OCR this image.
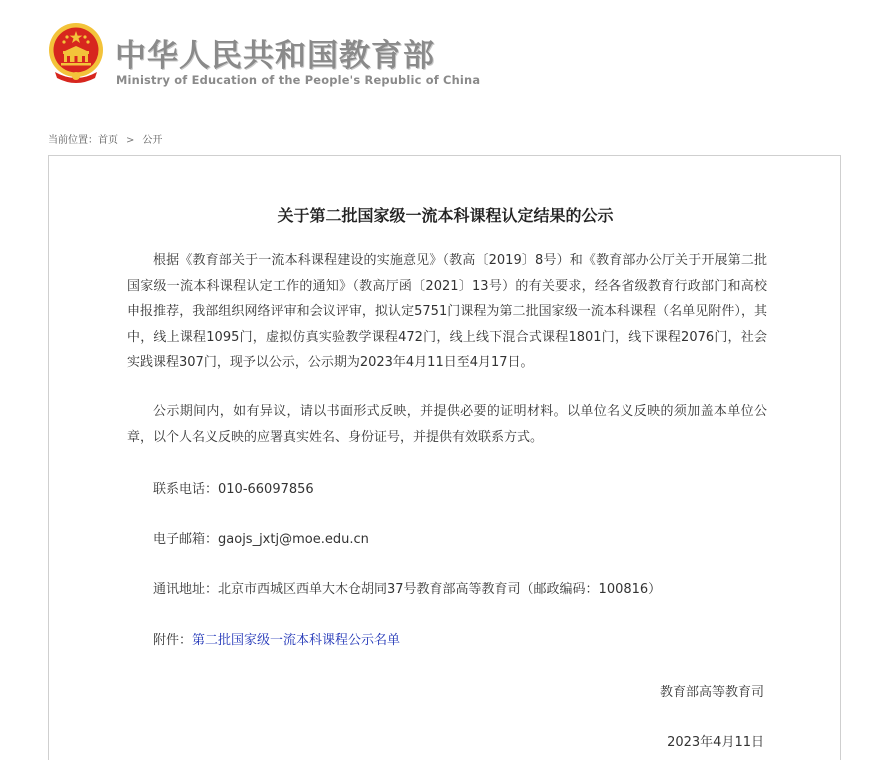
中华人民共和国教育部
Ministry of Education of the People's Republic of China
当前位置：首页 > 公开
关于第二批国家级一流本科课程认定结果的公示
根据《教育部关于一流本科课程建设的实施意见》（教高〔2019〕8号）和《教育部办公厅关于开展第二批国家级一流本科课程认定工作的通知》（教高厅函〔2021〕13号）的有关要求，经各省级教育行政部门和高校申报推荐，我部组织网络评审和会议评审，拟认定5751门课程为第二批国家级一流本科课程（名单见附件），其中，线上课程1095门，虚拟仿真实验教学课程472门，线上线下混合式课程1801门，线下课程2076门，社会实践课程307门，现予以公示，公示期为2023年4月11日至4月17日。
公示期间内，如有异议，请以书面形式反映，并提供必要的证明材料。以单位名义反映的须加盖本单位公章，以个人名义反映的应署真实姓名、身份证号，并提供有效联系方式。
联系电话：010-66097856
电子邮箱：gaojs_jxtj@moe.edu.cn
通讯地址：北京市西城区西单大木仓胡同37号教育部高等教育司（邮政编码：100816）
附件：第二批国家级一流本科课程公示名单
教育部高等教育司
2023年4月11日
